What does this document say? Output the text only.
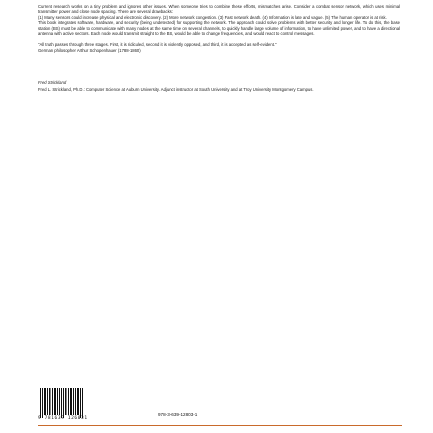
Current research works on a tiny problem and ignores other issues. When someone tries to combine these efforts, mismatches arise. Consider a combat sensor network, which uses minimal transmitter power and close node spacing. There are several drawbacks:

(1) Many sensors could increase physical and electronic discovery. (2) More network congestion. (3) Fast network death. (4) Information is late and vague. (5) The human operator is at risk.

This book integrates software, hardware, and security (being undetected) for supporting the network. The approach could solve problems with better security and longer life. To do this, the base station (BS) must be able to communicate with many nodes at the same time on several channels, to quickly handle large volume of information, to have unlimited power, and to have a directional antenna with active sectors. Each node would transmit straight to the BS, would be able to change frequencies, and would react to control messages.

"All truth passes through three stages. First, it is ridiculed, second it is violently opposed, and third, it is accepted as self-evident."

German philosopher Arthur Schopenhauer (1788-1860)

Fred Strickland

Fred L. Strickland, Ph.D.: Computer Science at Auburn University. Adjunct instructor at South University and at Troy University Montgomery Campus.

9 781639 126031
978-3-639-12803-1
